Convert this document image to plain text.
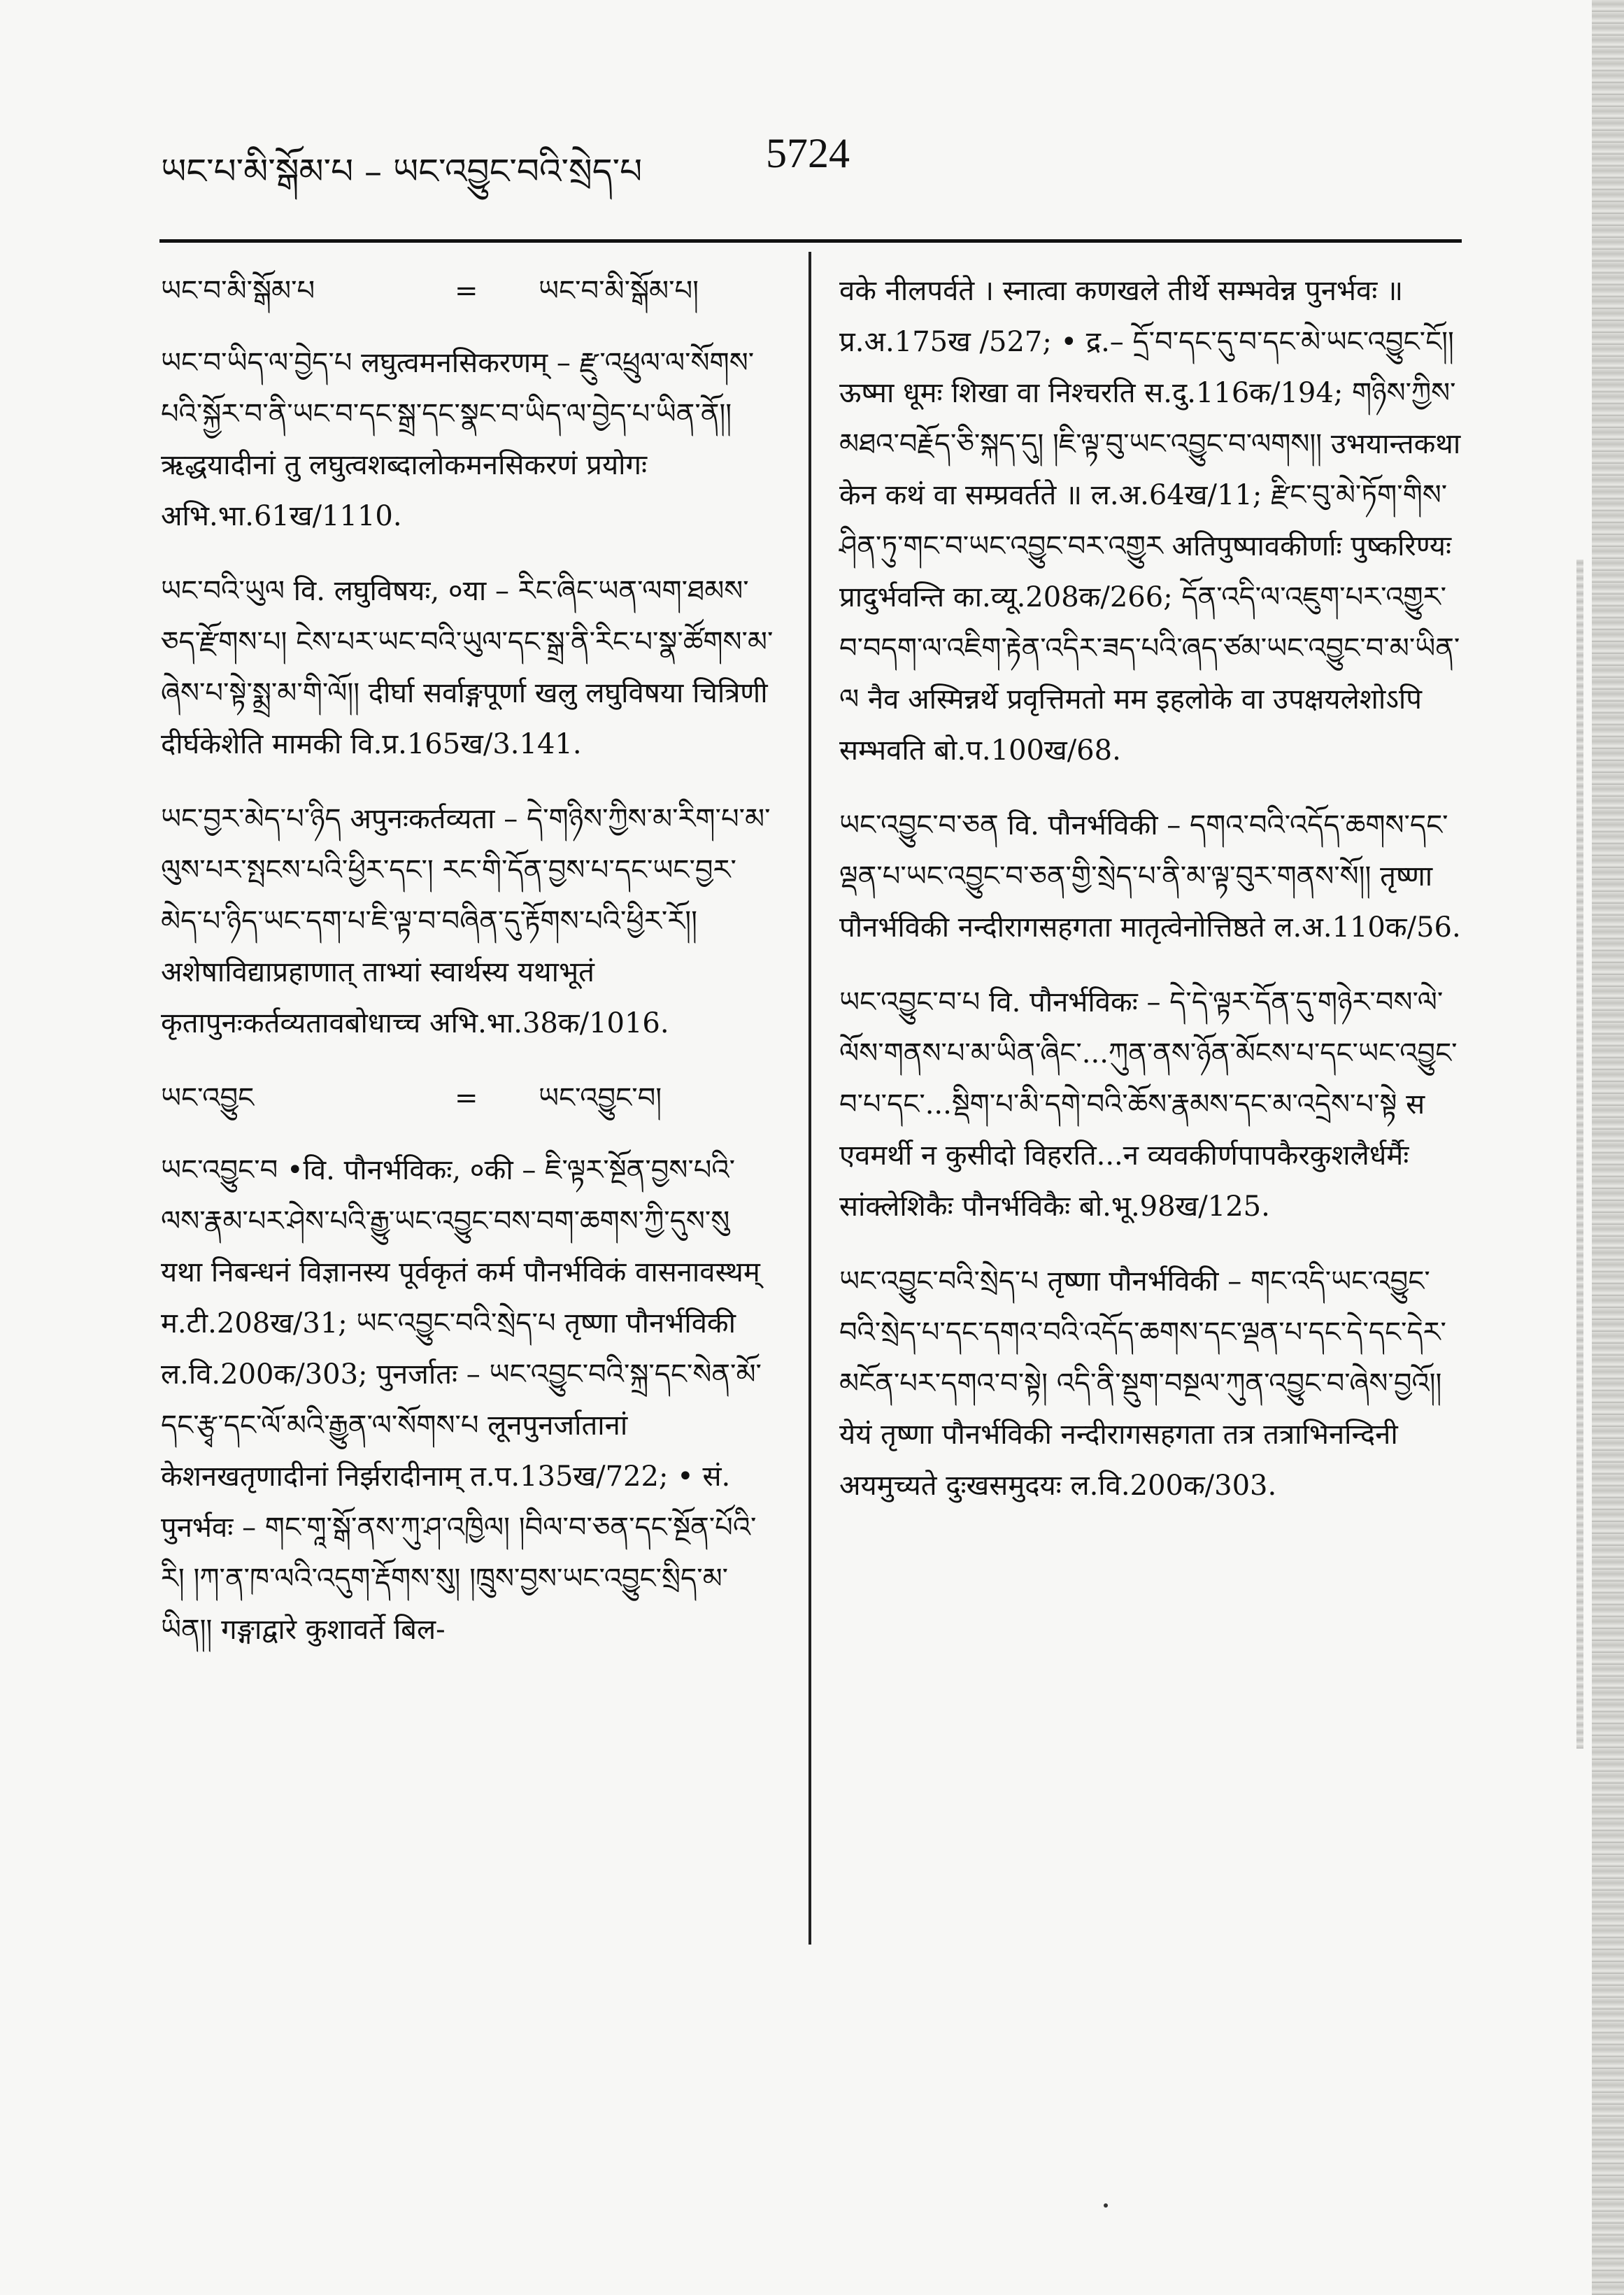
ཡང་པ་མི་སྒོམ་པ – ཡང་འབྱུང་བའི་སྲེད་པ	5724
ཡང་བ་མི་སྒོམ་པ	=	ཡང་བ་མི་སྒོམ་པ།

ཡང་བ་ཡིད་ལ་བྱེད་པ लघुत्वमनसिकरणम् – རྫུ་འཕྲུལ་ལ་སོགས་པའི་སྐྱོར་བ་ནི་ཡང་བ་དང་སྒྲ་དང་སྣང་བ་ཡིད་ལ་བྱེད་པ་ཡིན་ནོ།། ऋद्धयादीनां तु लघुत्वशब्दालोकमनसिकरणं प्रयोगः अभि.भा.61ख/1110.

ཡང་བའི་ཡུལ वि. लघुविषयः, ०या – རིང་ཞིང་ཡན་ལག་ཐམས་ཅད་རྫོགས་པ། ངེས་པར་ཡང་བའི་ཡུལ་དང་སྒྲ་ནི་རིང་པ་སྣ་ཚོགས་མ་ཞེས་པ་སྟེ་སྨྲ་མ་གི་ལོ།། दीर्घा सर्वाङ्गपूर्णा खलु लघुविषया चित्रिणी दीर्घकेशेति मामकी वि.प्र.165ख/3.141.

ཡང་བྱར་མེད་པ་ཉིད अपुनःकर्तव्यता – དེ་གཉིས་ཀྱིས་མ་རིག་པ་མ་ལུས་པར་སྤངས་པའི་ཕྱིར་དང་། རང་གི་དོན་བྱས་པ་དང་ཡང་བྱར་མེད་པ་ཉིད་ཡང་དག་པ་ཇི་ལྟ་བ་བཞིན་དུ་རྟོགས་པའི་ཕྱིར་རོ།། अशेषाविद्याप्रहाणात् ताभ्यां स्वार्थस्य यथाभूतं कृतापुनःकर्तव्यतावबोधाच्च अभि.भा.38क/1016.

ཡང་འབྱུང	=	ཡང་འབྱུང་བ།

ཡང་འབྱུང་བ •वि. पौनर्भविकः, ०की – ཇི་ལྟར་སྔོན་བྱས་པའི་ལས་རྣམ་པར་ཤེས་པའི་རྒྱུ་ཡང་འབྱུང་བས་བག་ཆགས་ཀྱི་དུས་སུ यथा निबन्धनं विज्ञानस्य पूर्वकृतं कर्म पौनर्भविकं वासनावस्थम् म.टी.208ख/31; ཡང་འབྱུང་བའི་སྲེད་པ तृष्णा पौनर्भविकी ल.वि.200क/303; पुनर्जातः – ཡང་འབྱུང་བའི་སྐྲ་དང་སེན་མོ་དང་རྩྭ་དང་ལོ་མའི་རྒྱུན་ལ་སོགས་པ लूनपुनर्जातानां केशनखतृणादीनां निर्झरादीनाम् त.प.135ख/722; • सं. पुनर्भवः – གང་གཱ་སྒོ་ནས་ཀུ་ཤ་འཁྱིལ། །བིལ་བ་ཅན་དང་སྔོན་པོའི་རི། །ཀ་ན་ཁ་ལའི་འདུག་རྡོགས་སུ། །ཁྲུས་བྱས་ཡང་འབྱུང་སྲིད་མ་ཡིན།། गङ्गाद्वारे कुशावर्ते बिल-

वके नीलपर्वते । स्नात्वा कणखले तीर्थे सम्भवेन्न पुनर्भवः ॥ प्र.अ.175ख /527; • द्र.– དྲོ་བ་དང་དུ་བ་དང་མེ་ཡང་འབྱུང་ངོ།། ऊष्मा धूमः शिखा वा निश्चरति स.दु.116क/194; གཉིས་ཀྱིས་མཐའ་བརྗོད་ཅི་སྐད་དུ། །ཇི་ལྟ་བུ་ཡང་འབྱུང་བ་ལགས།། उभयान्तकथा केन कथं वा सम्प्रवर्तते ॥ ल.अ.64ख/11; རྫིང་བུ་མེ་ཏོག་གིས་ཤིན་ཏུ་གང་བ་ཡང་འབྱུང་བར་འགྱུར अतिपुष्पावकीर्णाः पुष्करिण्यः प्रादुर्भवन्ति का.व्यू.208क/266; དོན་འདི་ལ་འཇུག་པར་འགྱུར་བ་བདག་ལ་འཇིག་རྟེན་འདིར་ཟད་པའི་ཞད་ཙམ་ཡང་འབྱུང་བ་མ་ཡིན་ལ नैव अस्मिन्नर्थे प्रवृत्तिमतो मम इहलोके वा उपक्षयलेशोऽपि सम्भवति बो.प.100ख/68.

ཡང་འབྱུང་བ་ཅན वि. पौनर्भविकी – དགའ་བའི་འདོད་ཆགས་དང་ལྡན་པ་ཡང་འབྱུང་བ་ཅན་གྱི་སྲེད་པ་ནི་མ་ལྟ་བུར་གནས་སོ།། तृष्णा पौनर्भविकी नन्दीरागसहगता मातृत्वेनोत्तिष्ठते ल.अ.110क/56.

ཡང་འབྱུང་བ་པ वि. पौनर्भविकः – དེ་དེ་ལྟར་དོན་དུ་གཉེར་བས་ལེ་ལོས་གནས་པ་མ་ཡིན་ཞིང་...ཀུན་ནས་ཉོན་མོངས་པ་དང་ཡང་འབྱུང་བ་པ་དང་...སྡིག་པ་མི་དགེ་བའི་ཆོས་རྣམས་དང་མ་འདྲེས་པ་སྟེ स एवमर्थी न कुसीदो विहरति...न व्यवकीर्णपापकैरकुशलैर्धर्मैः सांक्लेशिकैः पौनर्भविकैः बो.भू.98ख/125.

ཡང་འབྱུང་བའི་སྲེད་པ तृष्णा पौनर्भविकी – གང་འདི་ཡང་འབྱུང་བའི་སྲེད་པ་དང་དགའ་བའི་འདོད་ཆགས་དང་ལྡན་པ་དང་དེ་དང་དེར་མངོན་པར་དགའ་བ་སྟེ། འདི་ནི་སྡུག་བསྔལ་ཀུན་འབྱུང་བ་ཞེས་བྱའོ།། येयं तृष्णा पौनर्भविकी नन्दीरागसहगता तत्र तत्राभिनन्दिनी अयमुच्यते दुःखसमुदयः ल.वि.200क/303.
